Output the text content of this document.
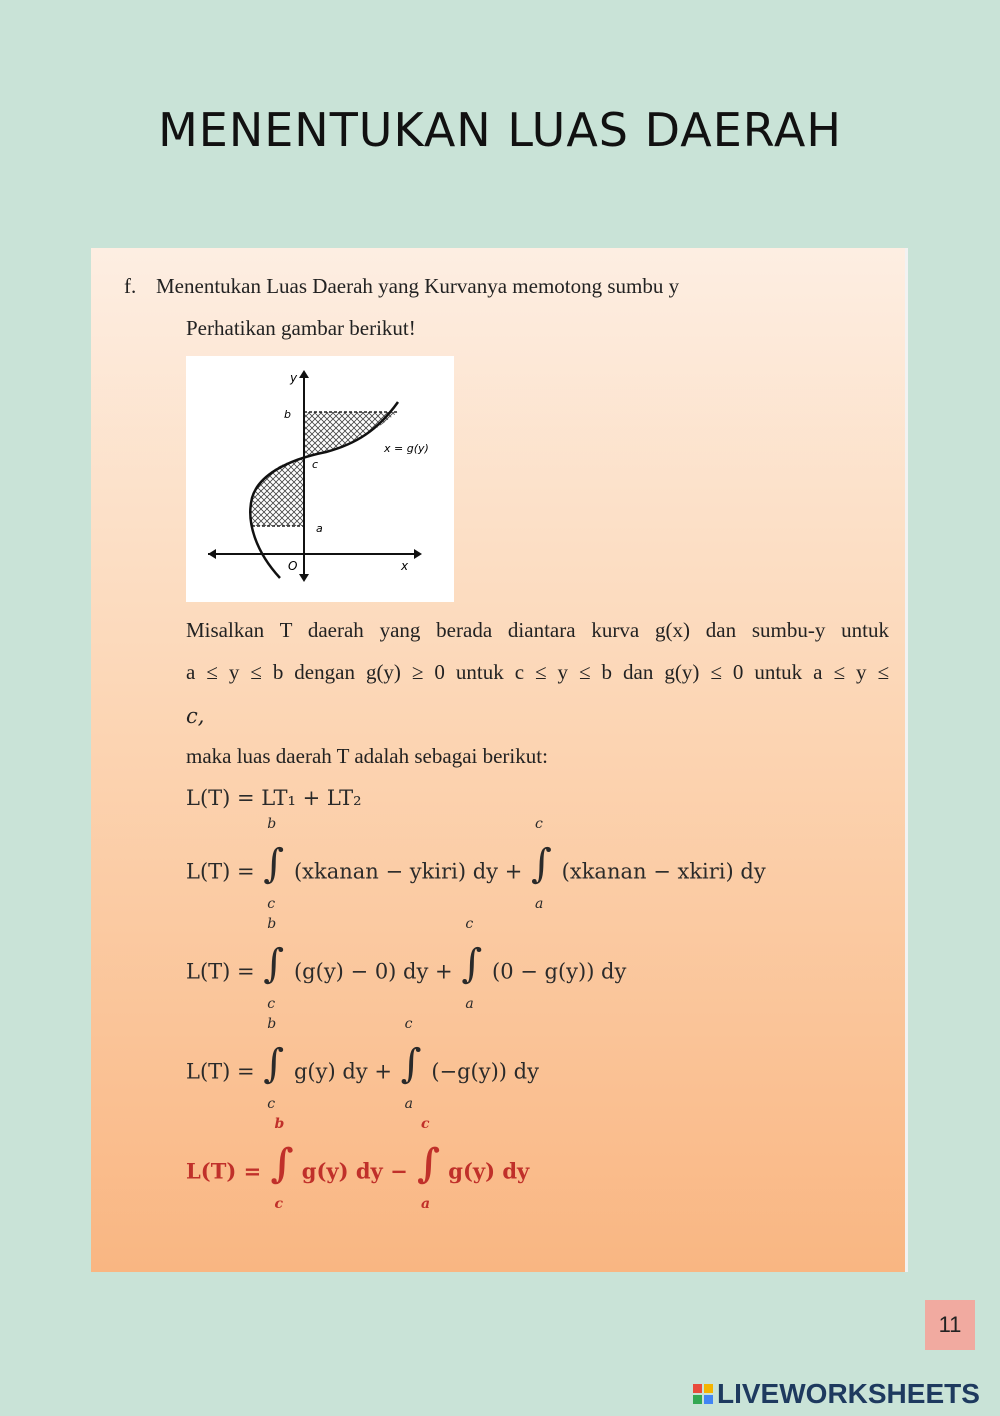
MENENTUKAN LUAS DAERAH
f. Menentukan Luas Daerah yang Kurvanya memotong sumbu y
Perhatikan gambar berikut!
y
x
O
b
c
a
x = g(y)
Misalkan T daerah yang berada diantara kurva g(x) dan sumbu-y untuk
a ≤ y ≤ b dengan g(y) ≥ 0 untuk c ≤ y ≤ b dan g(y) ≤ 0 untuk a ≤ y ≤
c,
maka luas daerah T adalah sebagai berikut:
L(T) = LT₁ + LT₂
L(T) =
b
∫
c
(xkanan − ykiri) dy +
c
∫
a
(xkanan − xkiri) dy
L(T) =
b
∫
c
(g(y) − 0) dy +
c
∫
a
(0 − g(y)) dy
L(T) =
b
∫
c
g(y) dy +
c
∫
a
(−g(y)) dy
L(T) =
b
∫
c
g(y) dy −
c
∫
a
g(y) dy
11
LIVEWORKSHEETS
